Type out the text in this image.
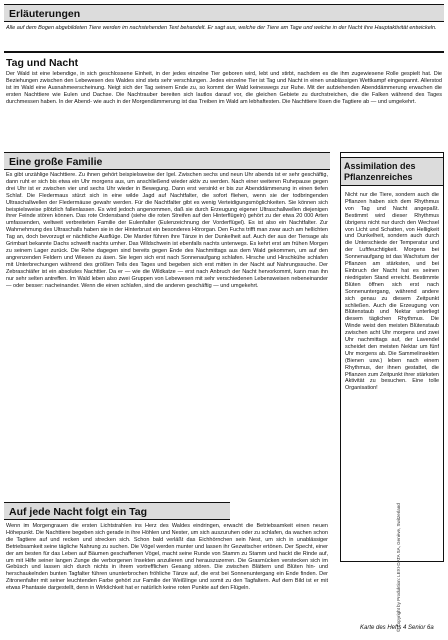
Erläuterungen
Alle auf dem Bogen abgebildeten Tiere werden im nachstehenden Text behandelt. Er sagt aus, welche der Tiere am Tage und welche in der Nacht ihre Hauptaktivität entwickeln.
Tag und Nacht
Der Wald ist eine lebendige, in sich geschlossene Einheit, in der jedes einzelne Tier geboren wird, lebt und stirbt, nachdem es die ihm zugewiesene Rolle gespielt hat. Die Beziehungen zwischen den Lebewesen des Waldes sind stets sehr verschlungen. Jedes einzelne Tier ist Tag und Nacht in einen unablässigen Wettkampf eingespannt. Allerstod ist im Wald eine Ausnahmeerscheinung. Neigt sich der Tag seinem Ende zu, so kommt der Wald keineswegs zur Ruhe. Mit der aufziehenden Abenddämmerung erwachen die ersten Nachttiere wie Eulen und Dachse. Die Nachtrauber bereiten sich lautlos darauf vor, die gleichen Gebiete zu durchstreichen, die die Falken während des Tages durchmessen haben. In der Abend- wie auch in der Morgendämmerung ist das Treiben im Wald am lebhaftesten. Die Nachttiere lösen die Tagtiere ab — und umgekehrt.
Eine große Familie
Es gibt unzählige Nachttiere. Zu ihnen gehört beispielsweise der Igel. Zwischen sechs und neun Uhr abends ist er sehr geschäftig, dann ruht er sich bis etwa ein Uhr morgens aus, um anschließend wieder aktiv zu werden. Nach einer weiteren Ruhepause gegen drei Uhr ist er zwischen vier und sechs Uhr wieder in Bewegung. Dann erst versinkt er bis zur Abenddämmerung in einen tiefen Schlaf. Die Fledermaus stürzt sich in eine wilde Jagd auf Nachtfalter, die sofort fliehen, wenn sie der todbringenden Ultraschallwellen der Fledermäuse gewahr werden. Für die Nachtfalter gibt es wenig Verteidigungsmöglichkeiten. Sie können sich beispielsweise plötzlich fallenlassen. Es wird jedoch angenommen, daß sie durch Erzeugung eigener Ultraschallwellen diejenigen ihrer Feinde stören können. Das rote Ordensband (siehe die roten Streifen auf den Hinterflügeln) gehört zu der etwa 20 000 Arten umfassenden, weltweit verbreiteten Familie der Eulenfalter (Eulenzeichnung der Vorderflügel). Es ist also ein Nachtfalter. Zur Wahrnehmung des Ultraschalls haben sie in der Hinterbrust ein besonderes Hörorgan. Den Fuchs trifft man zwar auch am hellichten Tag an, doch bevorzugt er nächtliche Ausflüge. Die Marder führen ihre Tänze in der Dunkelheit auf. Auch der aus der Tiersage als Grimbart bekannte Dachs schweift nachts umher. Das Wildschwein ist ebenfalls nachts unterwegs. Es kehrt erst am frühen Morgen zu seinem Lager zurück. Die Rehe dagegen sind bereits gegen Ende des Nachmittags aus dem Wald gekommen, um auf den angrenzenden Feldern und Wiesen zu äsen. Sie legen sich erst nach Sonnenaufgang schlafen. Hirsche und Hirschkühe schlafen mit Unterbrechungen während des größten Teils des Tages und begeben sich erst mitten in der Nacht auf Nahrungssuche. Der Zebraschiäfer ist ein absolutes Nachttier. Da er — wie die Wildkatze — erst nach Anbruch der Nacht hervorkommt, kann man ihn nur sehr selten antreffen. Im Wald leben also zwei Gruppen von Lebewesen mit sehr verschiedenen Lebensweisen nebeneinander — oder besser: nacheinander. Wenn die einen schlafen, sind die anderen geschäftig — und umgekehrt.
Auf jede Nacht folgt ein Tag
Wenn im Morgengrauen die ersten Lichtstrahlen ins Herz des Waldes eindringen, erwacht die Betriebsamkeit einen neuen Höhepunkt. Die Nachttiere begeben sich gerade in ihre Höhlen und Nester, um sich auszuruhen oder zu schlafen, da wachen schon die Tagtiere auf und recken und strecken sich. Schon bald verläßt das Eichhörnchen sein Nest, um sich in unablässiger Betriebsamkeit seine tägliche Nahrung zu suchen. Die Vögel werden munter und lassen ihr Gezwitscher ertönen. Der Specht, einer der am besten für das Leben auf Bäumen geschaffenen Vögel, macht seine Runde von Stamm zu Stamm und hackt die Rinde auf, um mit Hilfe seiner langen Zunge die verborgenen Insekten anzulieren und herauszuzerren. Die Grasmücken verstecken sich im Gebüsch und lassen sich durch nichts in ihrem vortrefflichen Gesang stören. Die zwischen Blättern und Blüten hin- und herschaukelnden bunten Tagfalter führen ununterbrochen fröhliche Tänze auf, die erst bei Sonnenuntergang ein Ende finden. Der Zitronenfalter mit seiner leuchtenden Farbe gehört zur Familie der Weißlinge und somit zu den Tagfaltern. Auf dem Bild ist er mit etwas Phantasie dargestellt, denn in Wirklichkeit hat er natürlich keine roten Punkte auf den Flügeln.
Assimilation des Pflanzenreiches
Nicht nur die Tiere, sondern auch die Pflanzen haben sich dem Rhythmus von Tag und Nacht angepaßt. Bestimmt wird dieser Rhythmus übrigens nicht nur durch den Wechsel von Licht und Schatten, von Helligkeit und Dunkelheit, sondern auch durch die Unterschiede der Temperatur und der Luftfeuchtigkeit. Morgens bei Sonnenaufgang ist das Wachstum der Pflanzen am stärksten, und bei Einbruch der Nacht hat es seinen niedrigsten Stand erreicht. Bestimmte Blüten öffnen sich erst nach Sonnenuntergang, während andere sich genau zu diesem Zeitpunkt schließen. Auch die Erzeugung von Blütenstaub und Nektar unterliegt diesem täglichen Rhythmus. Die Winde weist den meisten Blütenstaub zwischen acht Uhr morgens und zwei Uhr nachmittags auf, der Lavendel scheidet den meisten Nektar um fünf Uhr morgens ab. Die Sammelinsekten (Bienen usw.) leben nach einem Rhythmus, der ihnen gestattet, die Pflanzen zum Zeitpunkt ihrer stärksten Aktivität zu besuchen. Eine tolle Organisation!
© Copyright by Produktion: LEXI-DATA SA, Genève, Switzerland
Karte des Hefts 4 Senior 6a
